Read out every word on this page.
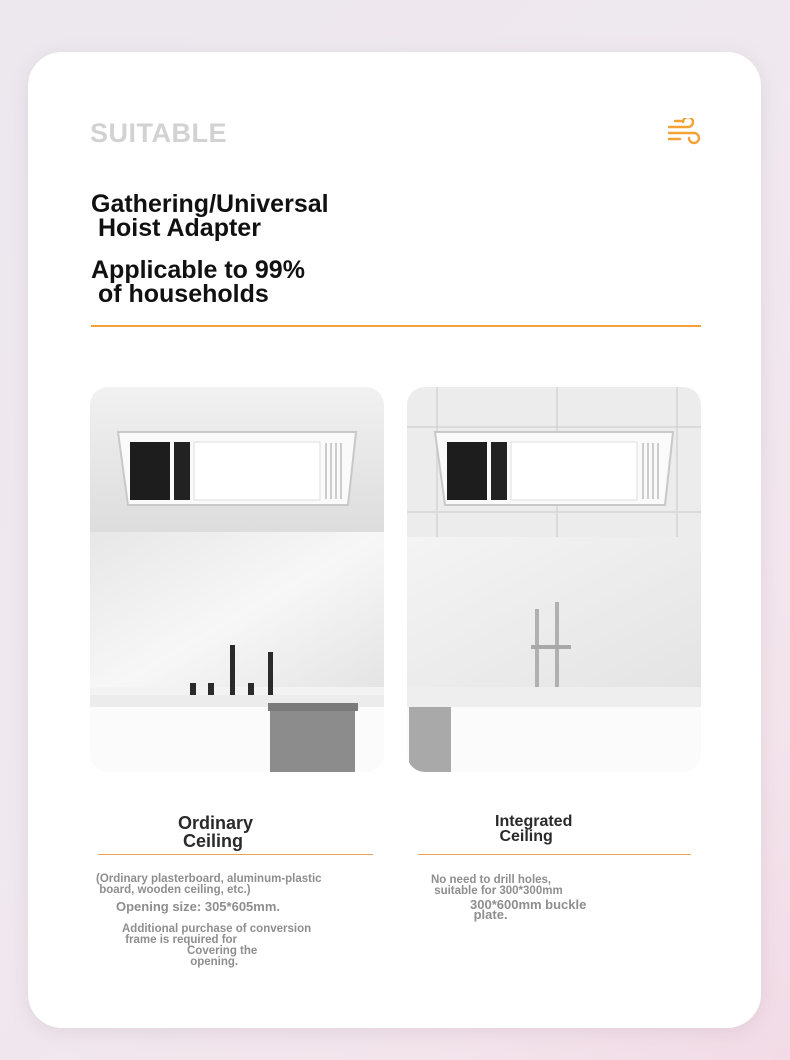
SUITABLE
Gathering/Universal
Hoist Adapter
Applicable to 99%
of households
Ordinary
Ceiling
(Ordinary plasterboard, aluminum-plastic
board, wooden ceiling, etc.)
Opening size: 305*605mm.
Additional purchase of conversion
frame is required for
Covering the
opening.
Integrated
Ceiling
No need to drill holes,
suitable for 300*300mm
300*600mm buckle
plate.
